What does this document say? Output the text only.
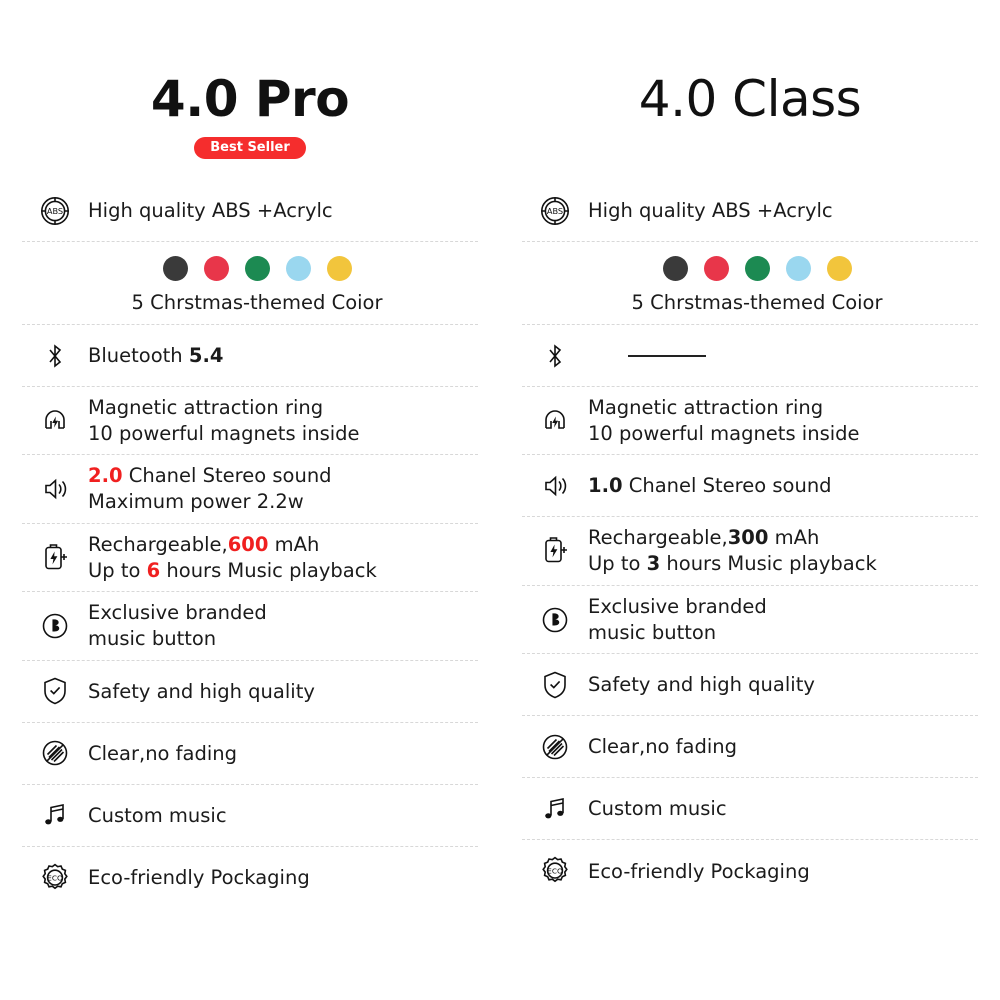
4.0 Pro
Best Seller
ABS High quality ABS +Acrylc
5 Chrstmas-themed Coior
Bluetooth 5.4
Magnetic attraction ring
10 powerful magnets inside
2.0 Chanel Stereo sound
Maximum power 2.2w
Rechargeable,600 mAh
Up to 6 hours Music playback
Exclusive branded
music button
Safety and high quality
Clear,no fading
Custom music
ECO Eco-friendly Pockaging
4.0 Class
ABS High quality ABS +Acrylc
5 Chrstmas-themed Coior
Magnetic attraction ring
10 powerful magnets inside
1.0 Chanel Stereo sound
Rechargeable,300 mAh
Up to 3 hours Music playback
Exclusive branded
music button
Safety and high quality
Clear,no fading
Custom music
ECO Eco-friendly Pockaging
